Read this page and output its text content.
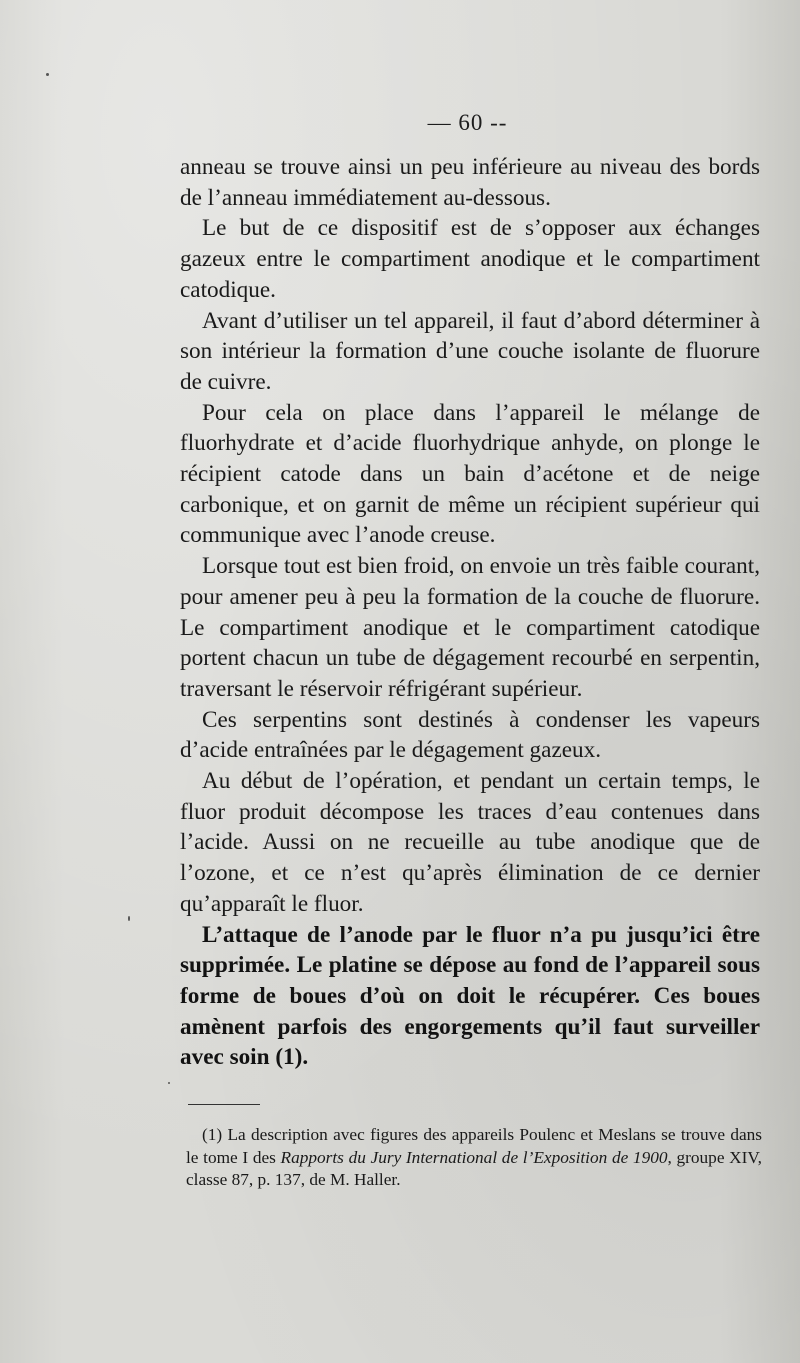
— 60 --

anneau se trouve ainsi un peu inférieure au niveau des bords de l’anneau immédiatement au-dessous.

Le but de ce dispositif est de s’opposer aux échanges gazeux entre le compartiment anodique et le compartiment catodique.

Avant d’utiliser un tel appareil, il faut d’abord déterminer à son intérieur la formation d’une couche isolante de fluorure de cuivre.

Pour cela on place dans l’appareil le mélange de fluorhydrate et d’acide fluorhydrique anhyde, on plonge le récipient catode dans un bain d’acétone et de neige carbonique, et on garnit de même un récipient supérieur qui communique avec l’anode creuse.

Lorsque tout est bien froid, on envoie un très faible courant, pour amener peu à peu la formation de la couche de fluorure. Le compartiment anodique et le compartiment catodique portent chacun un tube de dégagement recourbé en serpentin, traversant le réservoir réfrigérant supérieur.

Ces serpentins sont destinés à condenser les vapeurs d’acide entraînées par le dégagement gazeux.

Au début de l’opération, et pendant un certain temps, le fluor produit décompose les traces d’eau contenues dans l’acide. Aussi on ne recueille au tube anodique que de l’ozone, et ce n’est qu’après élimination de ce dernier qu’apparaît le fluor.

L’attaque de l’anode par le fluor n’a pu jusqu’ici être supprimée. Le platine se dépose au fond de l’appareil sous forme de boues d’où on doit le récupérer. Ces boues amènent parfois des engorgements qu’il faut surveiller avec soin (1).

(1) La description avec figures des appareils Poulenc et Meslans se trouve dans le tome I des Rapports du Jury International de l’Exposition de 1900, groupe XIV, classe 87, p. 137, de M. Haller.
